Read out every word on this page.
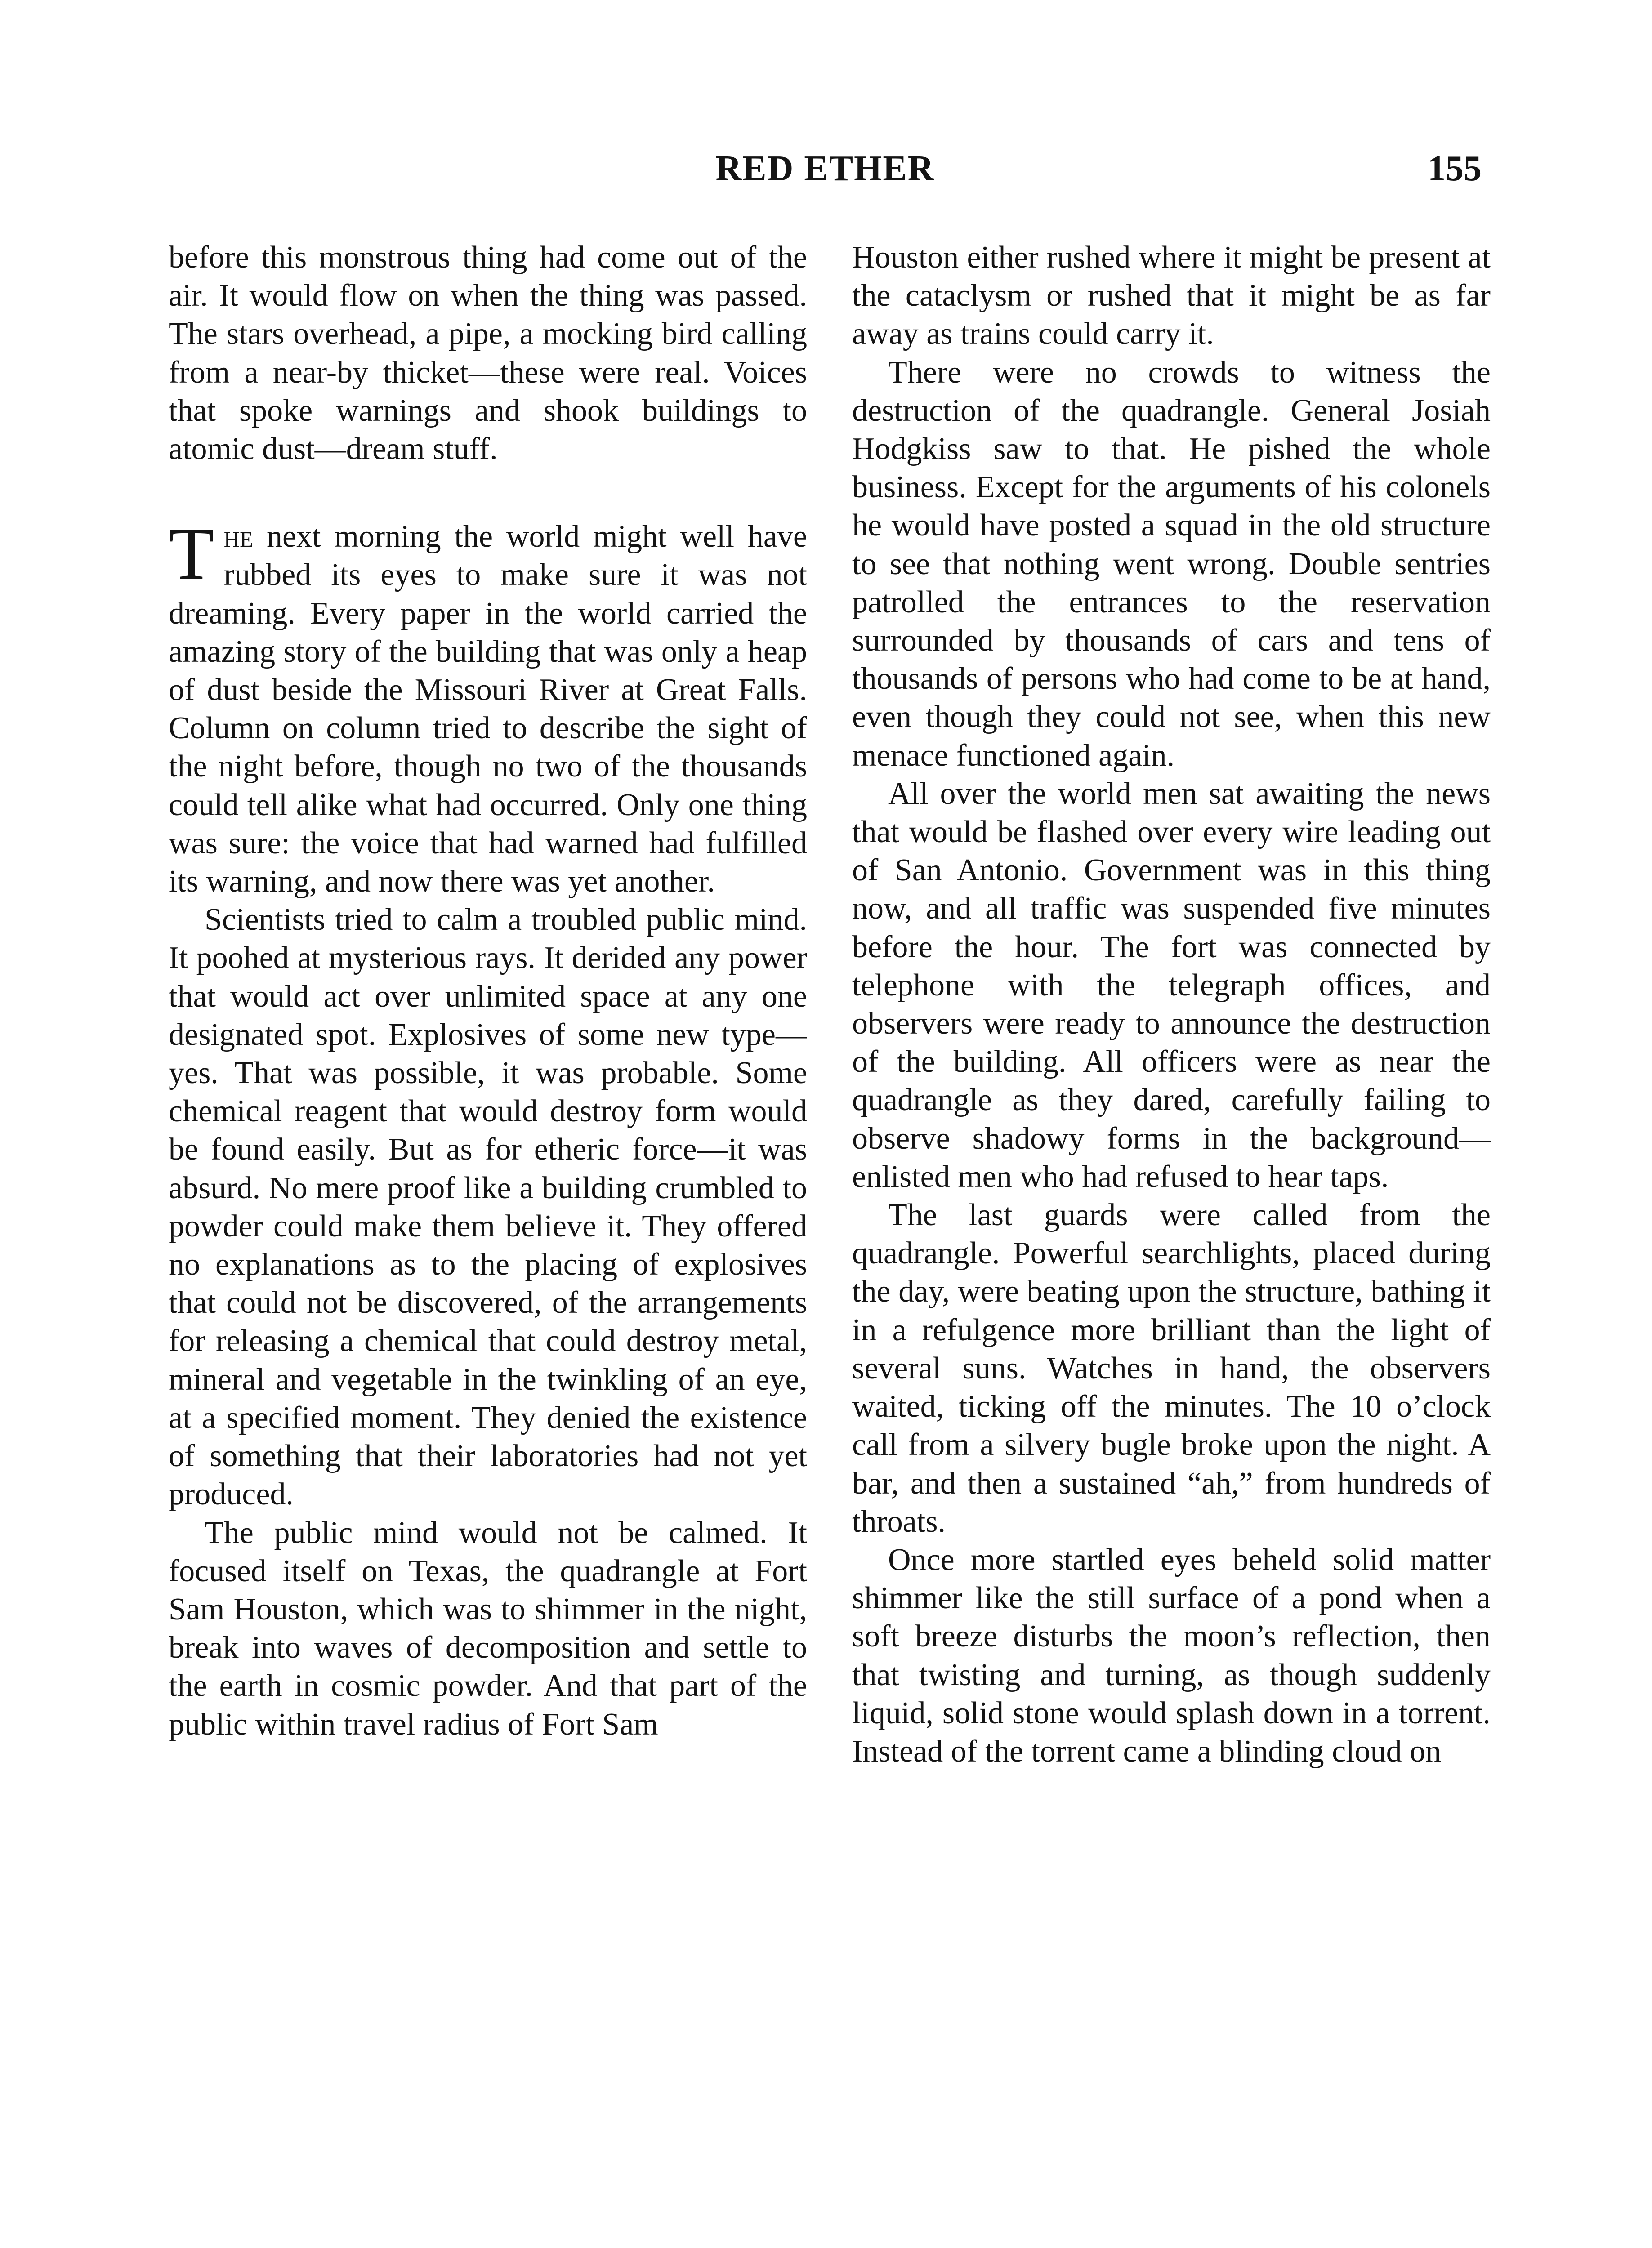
RED ETHER	155

before this monstrous thing had come out of the air. It would flow on when the thing was passed. The stars overhead, a pipe, a mocking bird calling from a near-by thicket—these were real. Voices that spoke warnings and shook buildings to atomic dust—dream stuff.

The next morning the world might well have rubbed its eyes to make sure it was not dreaming. Every paper in the world carried the amazing story of the building that was only a heap of dust beside the Missouri River at Great Falls. Column on column tried to describe the sight of the night before, though no two of the thousands could tell alike what had occurred. Only one thing was sure: the voice that had warned had fulfilled its warning, and now there was yet another.

Scientists tried to calm a troubled public mind. It poohed at mysterious rays. It derided any power that would act over unlimited space at any one designated spot. Explosives of some new type—yes. That was possible, it was probable. Some chemical reagent that would destroy form would be found easily. But as for etheric force—it was absurd. No mere proof like a building crumbled to powder could make them believe it. They offered no explanations as to the placing of explosives that could not be discovered, of the arrangements for releasing a chemical that could destroy metal, mineral and vegetable in the twinkling of an eye, at a specified moment. They denied the existence of something that their laboratories had not yet produced.

The public mind would not be calmed. It focused itself on Texas, the quadrangle at Fort Sam Houston, which was to shimmer in the night, break into waves of decomposition and settle to the earth in cosmic powder. And that part of the public within travel radius of Fort Sam

Houston either rushed where it might be present at the cataclysm or rushed that it might be as far away as trains could carry it.

There were no crowds to witness the destruction of the quadrangle. General Josiah Hodgkiss saw to that. He pished the whole business. Except for the arguments of his colonels he would have posted a squad in the old structure to see that nothing went wrong. Double sentries patrolled the entrances to the reservation surrounded by thousands of cars and tens of thousands of persons who had come to be at hand, even though they could not see, when this new menace functioned again.

All over the world men sat awaiting the news that would be flashed over every wire leading out of San Antonio. Government was in this thing now, and all traffic was suspended five minutes before the hour. The fort was connected by telephone with the telegraph offices, and observers were ready to announce the destruction of the building. All officers were as near the quadrangle as they dared, carefully failing to observe shadowy forms in the background—enlisted men who had refused to hear taps.

The last guards were called from the quadrangle. Powerful searchlights, placed during the day, were beating upon the structure, bathing it in a refulgence more brilliant than the light of several suns. Watches in hand, the observers waited, ticking off the minutes. The 10 o’clock call from a silvery bugle broke upon the night. A bar, and then a sustained “ah,” from hundreds of throats.

Once more startled eyes beheld solid matter shimmer like the still surface of a pond when a soft breeze disturbs the moon’s reflection, then that twisting and turning, as though suddenly liquid, solid stone would splash down in a torrent. Instead of the torrent came a blinding cloud on
